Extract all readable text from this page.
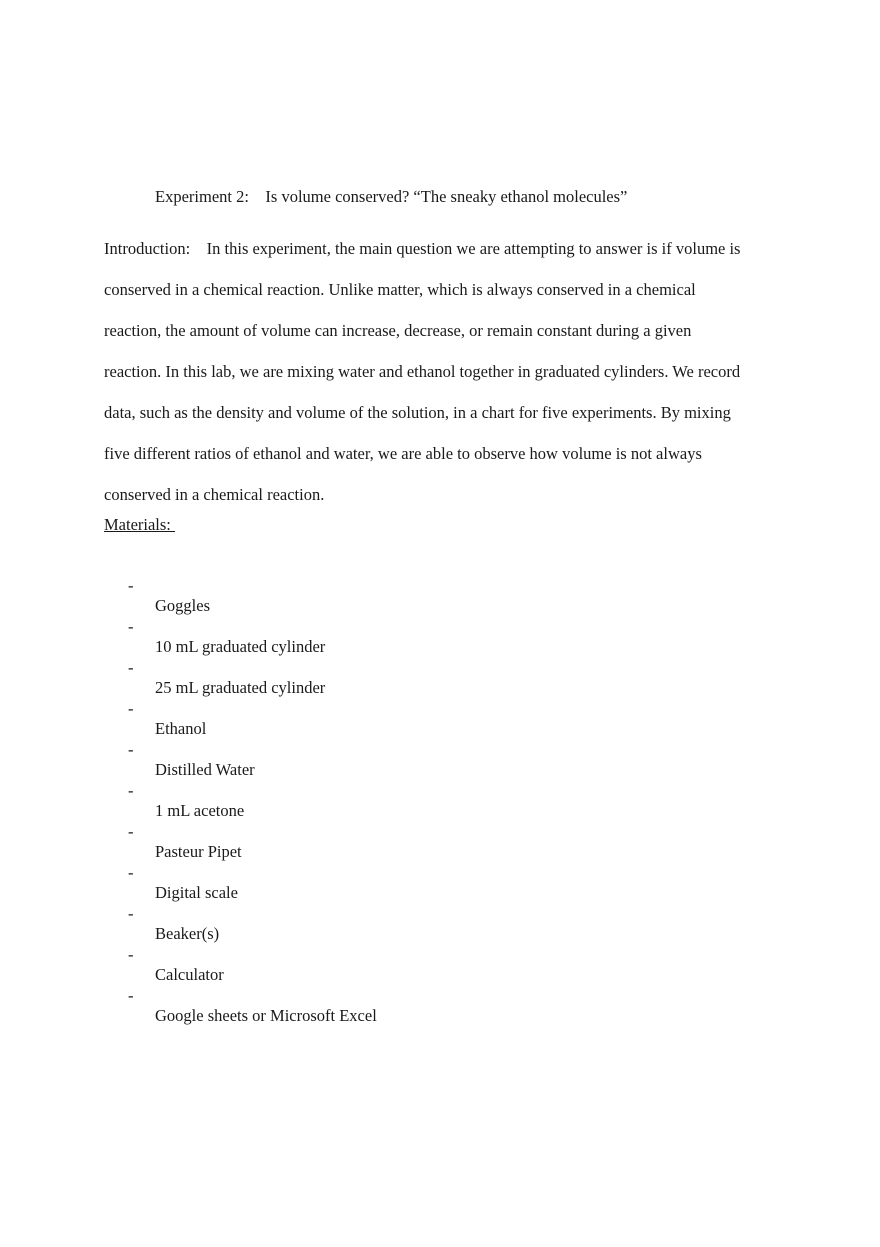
Experiment 2:    Is volume conserved? “The sneaky ethanol molecules”
Introduction:    In this experiment, the main question we are attempting to answer is if volume is
conserved in a chemical reaction. Unlike matter, which is always conserved in a chemical
reaction, the amount of volume can increase, decrease, or remain constant during a given
reaction. In this lab, we are mixing water and ethanol together in graduated cylinders. We record
data, such as the density and volume of the solution, in a chart for five experiments. By mixing
five different ratios of ethanol and water, we are able to observe how volume is not always
conserved in a chemical reaction.
Materials:

-

Goggles

-

10 mL graduated cylinder

-

25 mL graduated cylinder

-

Ethanol

-

Distilled Water

-

1 mL acetone

-

Pasteur Pipet

-

Digital scale

-

Beaker(s)

-

Calculator

-

Google sheets or Microsoft Excel
